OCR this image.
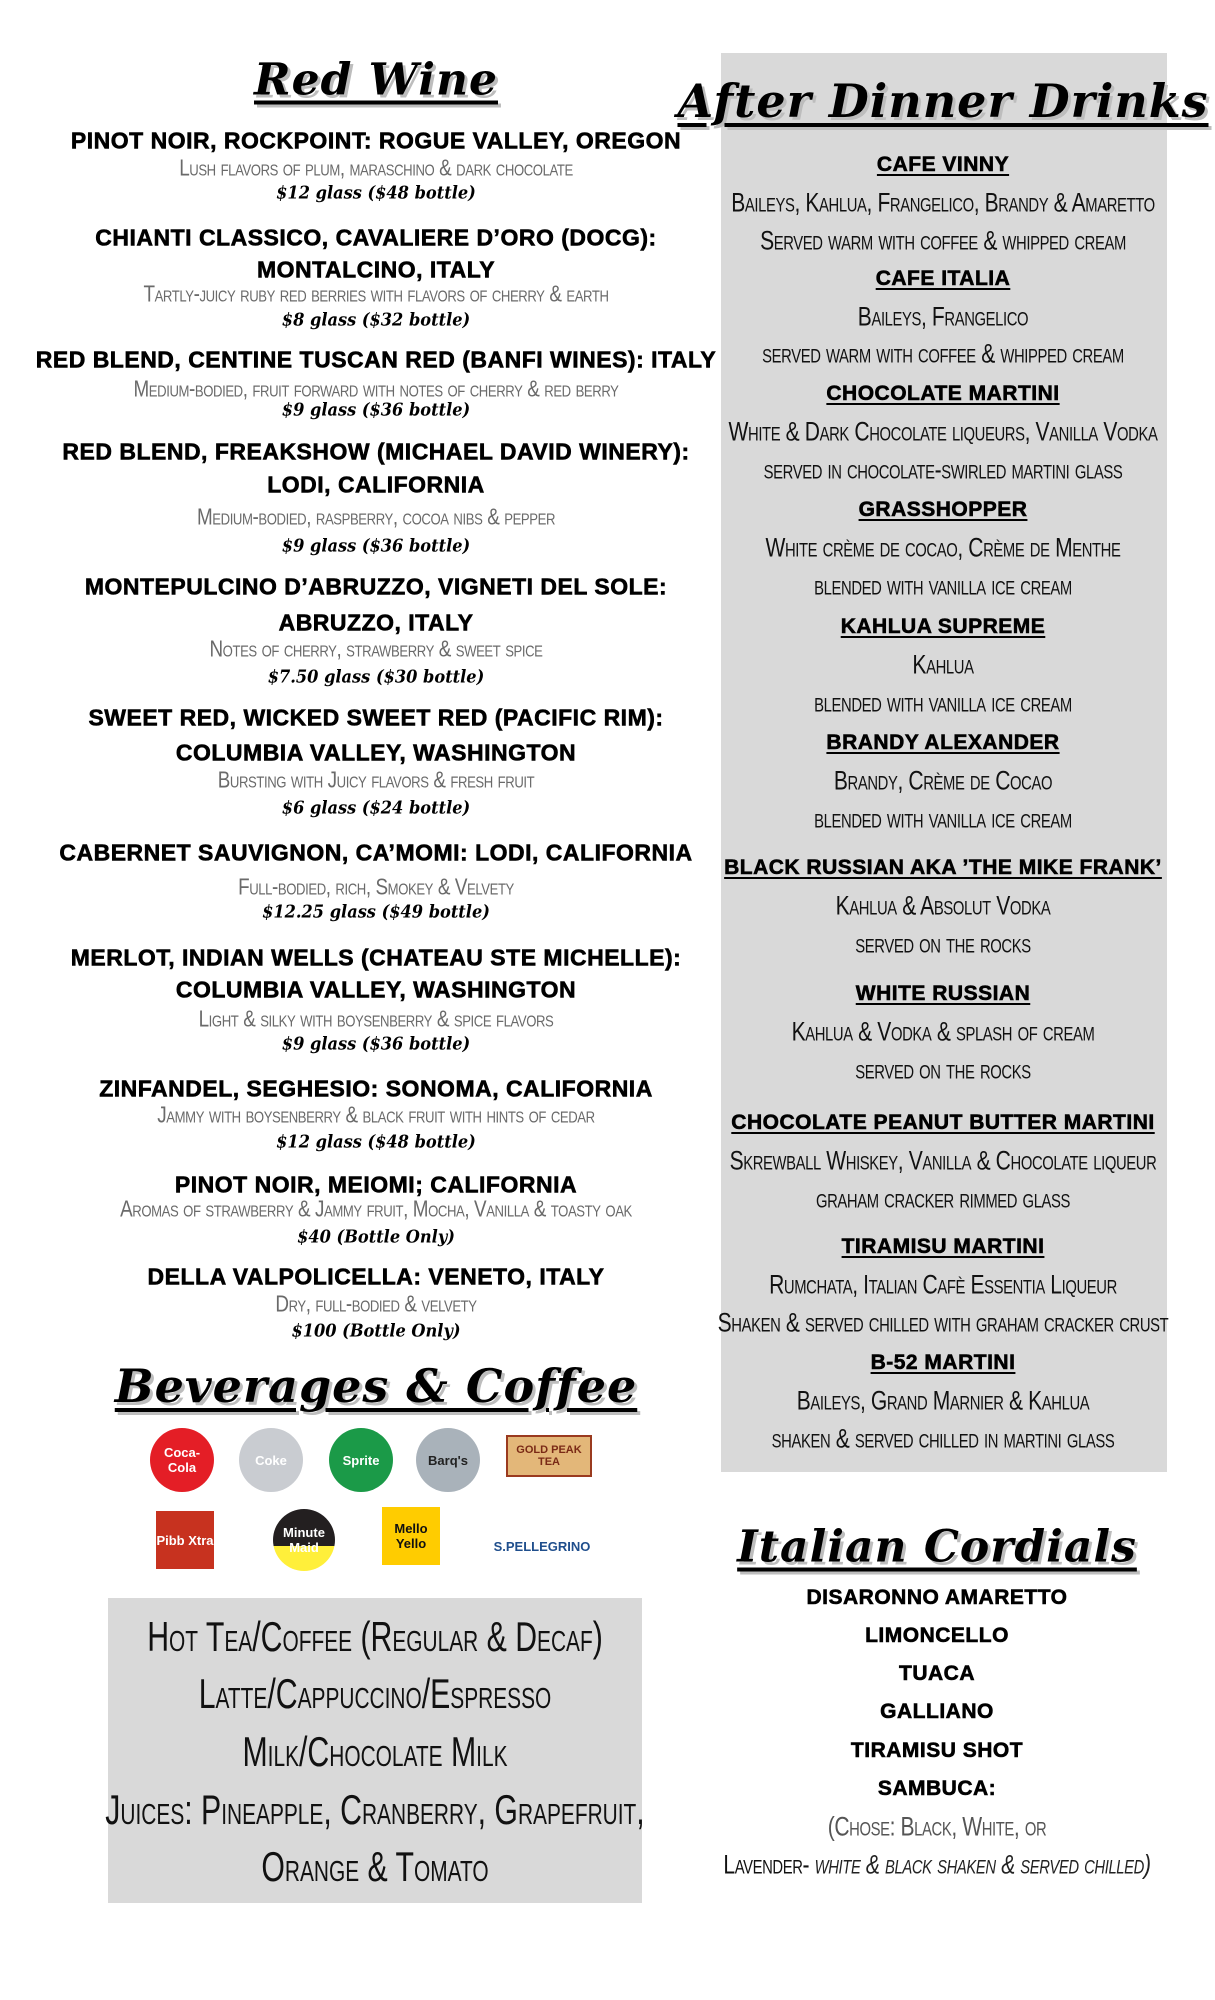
Red Wine
PINOT NOIR, ROCKPOINT: ROGUE VALLEY, OREGON
Lush flavors of plum, maraschino & dark chocolate
$12 glass ($48 bottle)
CHIANTI CLASSICO, CAVALIERE D’ORO (DOCG):
MONTALCINO, ITALY
Tartly-juicy ruby red berries with flavors of cherry & earth
$8 glass ($32 bottle)
RED BLEND, CENTINE TUSCAN RED (BANFI WINES): ITALY
Medium-bodied, fruit forward with notes of cherry & red berry
$9 glass ($36 bottle)
RED BLEND, FREAKSHOW (MICHAEL DAVID WINERY):
LODI, CALIFORNIA
Medium-bodied, raspberry, cocoa nibs & pepper
$9 glass ($36 bottle)
MONTEPULCINO D’ABRUZZO, VIGNETI DEL SOLE:
ABRUZZO, ITALY
Notes of cherry, strawberry & sweet spice
$7.50 glass ($30 bottle)
SWEET RED, WICKED SWEET RED (PACIFIC RIM):
COLUMBIA VALLEY, WASHINGTON
Bursting with Juicy flavors & fresh fruit
$6 glass ($24 bottle)
CABERNET SAUVIGNON, CA’MOMI: LODI, CALIFORNIA
Full-bodied, rich, Smokey & Velvety
$12.25 glass ($49 bottle)
MERLOT, INDIAN WELLS (CHATEAU STE MICHELLE):
COLUMBIA VALLEY, WASHINGTON
Light & silky with boysenberry & spice flavors
$9 glass ($36 bottle)
ZINFANDEL, SEGHESIO: SONOMA, CALIFORNIA
Jammy with boysenberry & black fruit with hints of cedar
$12 glass ($48 bottle)
PINOT NOIR, MEIOMI; CALIFORNIA
Aromas of strawberry & Jammy fruit, Mocha, Vanilla & toasty oak
$40 (Bottle Only)
DELLA VALPOLICELLA: VENETO, ITALY
Dry, full-bodied & velvety
$100 (Bottle Only)
Beverages & Coffee
Coca-Cola	Coke	Sprite	Barq's
GOLD PEAK TEA
Pibb Xtra	Minute Maid
Mello Yello	S.PELLEGRINO
Hot Tea/Coffee (Regular & Decaf)
Latte/Cappuccino/Espresso
Milk/Chocolate Milk
Juices: Pineapple, Cranberry, Grapefruit,
Orange & Tomato
After Dinner Drinks
CAFE VINNY
Baileys, Kahlua, Frangelico, Brandy & Amaretto
Served warm with coffee & whipped cream
CAFE ITALIA
Baileys, Frangelico
served warm with coffee & whipped cream
CHOCOLATE MARTINI
White & Dark Chocolate liqueurs, Vanilla Vodka
served in chocolate-swirled martini glass
GRASSHOPPER
White crème de cocao, Crème de Menthe
blended with vanilla ice cream
KAHLUA SUPREME
Kahlua
blended with vanilla ice cream
BRANDY ALEXANDER
Brandy, Crème de Cocao
blended with vanilla ice cream
BLACK RUSSIAN AKA ’THE MIKE FRANK’
Kahlua & Absolut Vodka
served on the rocks
WHITE RUSSIAN
Kahlua & Vodka & splash of cream
served on the rocks
CHOCOLATE PEANUT BUTTER MARTINI
Skrewball Whiskey, Vanilla & Chocolate liqueur
graham cracker rimmed glass
TIRAMISU MARTINI
Rumchata, Italian Cafè Essentia Liqueur
Shaken & served chilled with graham cracker crust
B-52 MARTINI
Baileys, Grand Marnier & Kahlua
shaken & served chilled in martini glass
Italian Cordials
DISARONNO AMARETTO
LIMONCELLO
TUACA
GALLIANO
TIRAMISU SHOT
SAMBUCA:
(Chose: Black, White, or
Lavender- white & black shaken & served chilled)
